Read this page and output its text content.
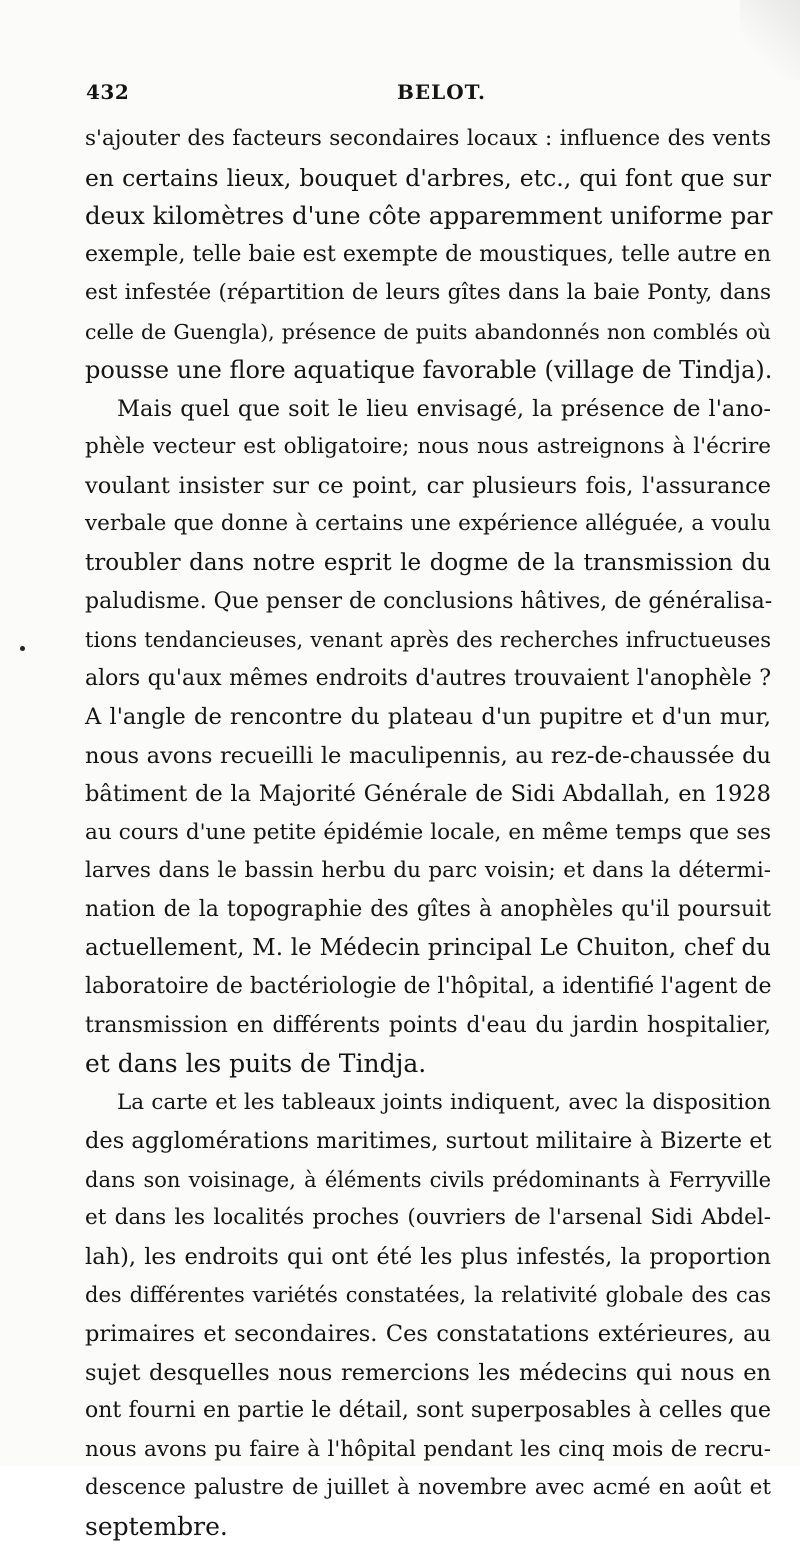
432	BELOT.
s'ajouter des facteurs secondaires locaux : influence des vents
en certains lieux, bouquet d'arbres, etc., qui font que sur
deux kilomètres d'une côte apparemment uniforme par
exemple, telle baie est exempte de moustiques, telle autre en
est infestée (répartition de leurs gîtes dans la baie Ponty, dans
celle de Guengla), présence de puits abandonnés non comblés où
pousse une flore aquatique favorable (village de Tindja).
Mais quel que soit le lieu envisagé, la présence de l'ano-
phèle vecteur est obligatoire; nous nous astreignons à l'écrire
voulant insister sur ce point, car plusieurs fois, l'assurance
verbale que donne à certains une expérience alléguée, a voulu
troubler dans notre esprit le dogme de la transmission du
paludisme. Que penser de conclusions hâtives, de généralisa-
tions tendancieuses, venant après des recherches infructueuses
alors qu'aux mêmes endroits d'autres trouvaient l'anophèle ?
A l'angle de rencontre du plateau d'un pupitre et d'un mur,
nous avons recueilli le maculipennis, au rez-de-chaussée du
bâtiment de la Majorité Générale de Sidi Abdallah, en 1928
au cours d'une petite épidémie locale, en même temps que ses
larves dans le bassin herbu du parc voisin; et dans la détermi-
nation de la topographie des gîtes à anophèles qu'il poursuit
actuellement, M. le Médecin principal Le Chuiton, chef du
laboratoire de bactériologie de l'hôpital, a identifié l'agent de
transmission en différents points d'eau du jardin hospitalier,
et dans les puits de Tindja.
La carte et les tableaux joints indiquent, avec la disposition
des agglomérations maritimes, surtout militaire à Bizerte et
dans son voisinage, à éléments civils prédominants à Ferryville
et dans les localités proches (ouvriers de l'arsenal Sidi Abdel-
lah), les endroits qui ont été les plus infestés, la proportion
des différentes variétés constatées, la relativité globale des cas
primaires et secondaires. Ces constatations extérieures, au
sujet desquelles nous remercions les médecins qui nous en
ont fourni en partie le détail, sont superposables à celles que
nous avons pu faire à l'hôpital pendant les cinq mois de recru-
descence palustre de juillet à novembre avec acmé en août et
septembre.
